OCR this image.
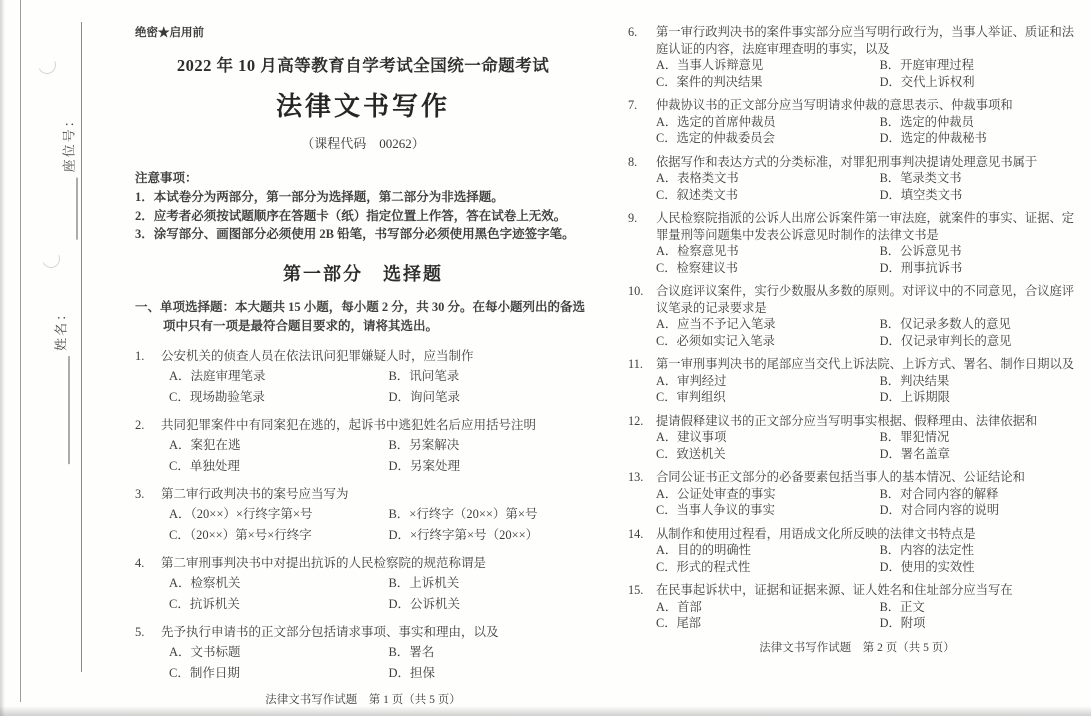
座位号：
姓名：
绝密★启用前
2022 年 10 月高等教育自学考试全国统一命题考试
法律文书写作
（课程代码　00262）
注意事项：
1．本试卷分为两部分，第一部分为选择题，第二部分为非选择题。
2．应考者必须按试题顺序在答题卡（纸）指定位置上作答，答在试卷上无效。
3．涂写部分、画图部分必须使用 2B 铅笔，书写部分必须使用黑色字迹签字笔。
第一部分　选择题
一、单项选择题：本大题共 15 小题，每小题 2 分，共 30 分。在每小题列出的备选项中只有一项是最符合题目要求的，请将其选出。
1.	公安机关的侦查人员在依法讯问犯罪嫌疑人时，应当制作
A．法庭审理笔录	B．讯问笔录
C．现场勘验笔录	D．询问笔录
2.	共同犯罪案件中有同案犯在逃的，起诉书中逃犯姓名后应用括号注明
A．案犯在逃	B．另案解决
C．单独处理	D．另案处理
3.	第二审行政判决书的案号应当写为
A．（20××）×行终字第×号	B．×行终字（20××）第×号
C．（20××）第×号×行终字	D．×行终字第×号（20××）
4.	第二审刑事判决书中对提出抗诉的人民检察院的规范称谓是
A．检察机关	B．上诉机关
C．抗诉机关	D．公诉机关
5.	先予执行申请书的正文部分包括请求事项、事实和理由，以及
A．文书标题	B．署名
C．制作日期	D．担保
法律文书写作试题　第 1 页（共 5 页）
6.	第一审行政判决书的案件事实部分应当写明行政行为，当事人举证、质证和法庭认证的内容，法庭审理查明的事实，以及
A．当事人诉辩意见	B．开庭审理过程
C．案件的判决结果	D．交代上诉权利
7.	仲裁协议书的正文部分应当写明请求仲裁的意思表示、仲裁事项和
A．选定的首席仲裁员	B．选定的仲裁员
C．选定的仲裁委员会	D．选定的仲裁秘书
8.	依据写作和表达方式的分类标准，对罪犯刑事判决提请处理意见书属于
A．表格类文书	B．笔录类文书
C．叙述类文书	D．填空类文书
9.	人民检察院指派的公诉人出席公诉案件第一审法庭，就案件的事实、证据、定罪量刑等问题集中发表公诉意见时制作的法律文书是
A．检察意见书	B．公诉意见书
C．检察建议书	D．刑事抗诉书
10.	合议庭评议案件，实行少数服从多数的原则。对评议中的不同意见，合议庭评议笔录的记录要求是
A．应当不予记入笔录	B．仅记录多数人的意见
C．必须如实记入笔录	D．仅记录审判长的意见
11.	第一审刑事判决书的尾部应当交代上诉法院、上诉方式、署名、制作日期以及
A．审判经过	B．判决结果
C．审判组织	D．上诉期限
12.	提请假释建议书的正文部分应当写明事实根据、假释理由、法律依据和
A．建议事项	B．罪犯情况
C．致送机关	D．署名盖章
13.	合同公证书正文部分的必备要素包括当事人的基本情况、公证结论和
A．公证处审查的事实	B．对合同内容的解释
C．当事人争议的事实	D．对合同内容的说明
14.	从制作和使用过程看，用语成文化所反映的法律文书特点是
A．目的的明确性	B．内容的法定性
C．形式的程式性	D．使用的实效性
15.	在民事起诉状中，证据和证据来源、证人姓名和住址部分应当写在
A．首部	B．正文
C．尾部	D．附项
法律文书写作试题　第 2 页（共 5 页）
